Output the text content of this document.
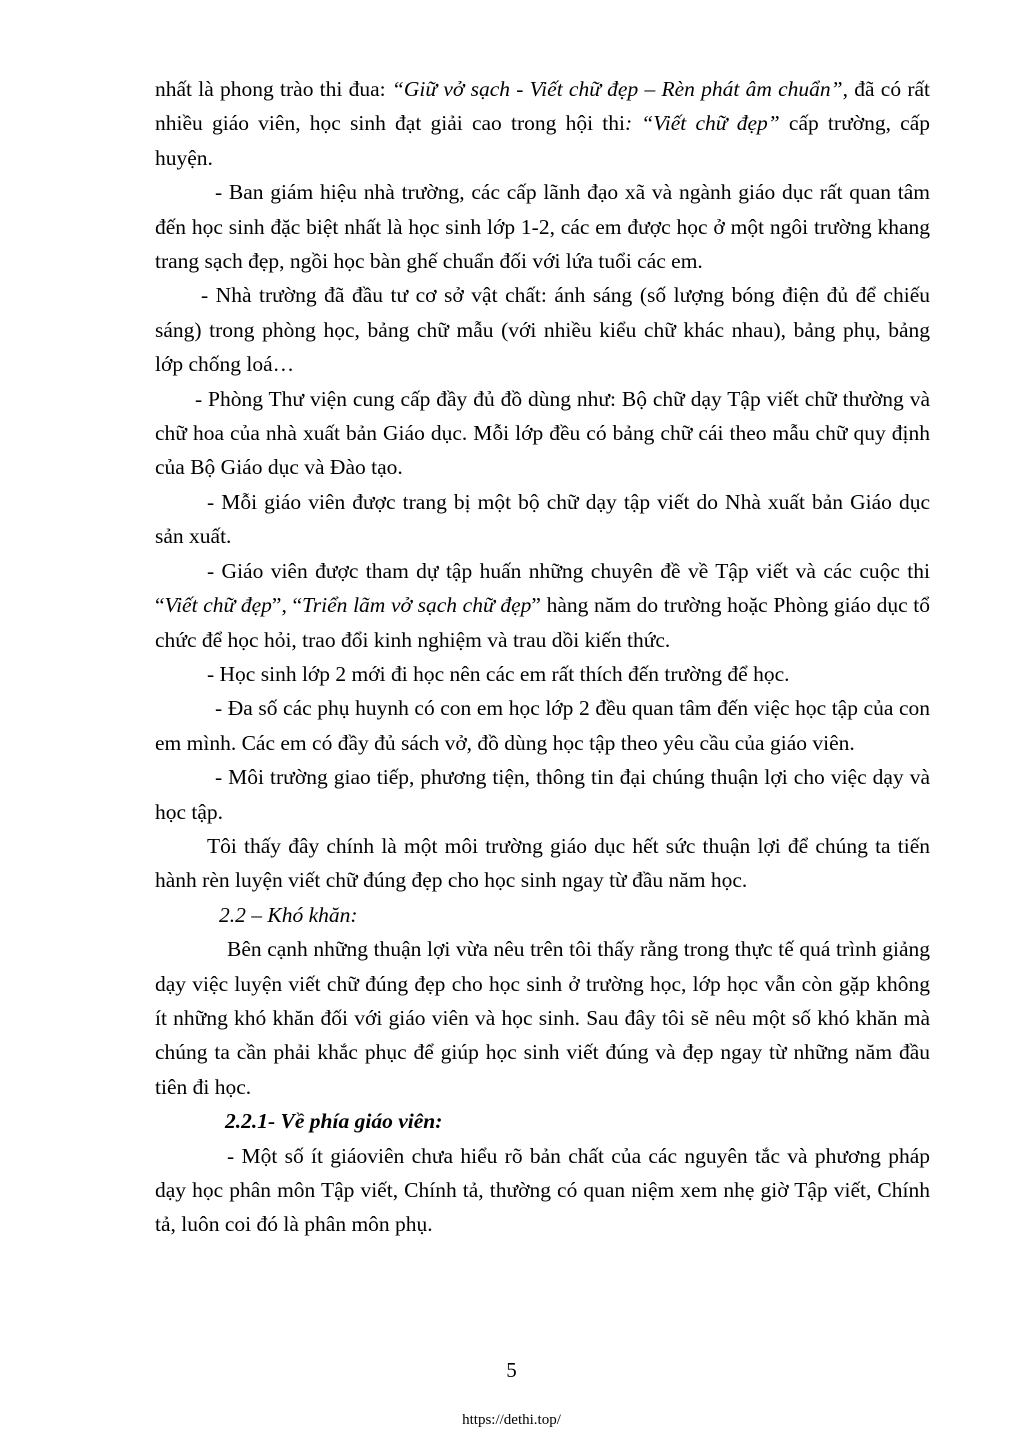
nhất là phong trào thi đua: “Giữ vở sạch - Viết chữ đẹp – Rèn phát âm chuẩn”, đã có rất nhiều giáo viên, học sinh đạt giải cao trong hội thi: “Viết chữ đẹp” cấp trường, cấp huyện.

- Ban giám hiệu nhà trường, các cấp lãnh đạo xã và ngành giáo dục rất quan tâm đến học sinh đặc biệt nhất là học sinh lớp 1-2, các em được học ở một ngôi trường khang trang sạch đẹp, ngồi học bàn ghế chuẩn đối với lứa tuổi các em.

- Nhà trường đã đầu tư cơ sở vật chất: ánh sáng (số lượng bóng điện đủ để chiếu sáng) trong phòng học, bảng chữ mẫu (với nhiều kiểu chữ khác nhau), bảng phụ, bảng lớp chống loá…

- Phòng Thư viện cung cấp đầy đủ đồ dùng như: Bộ chữ dạy Tập viết chữ thường và chữ hoa của nhà xuất bản Giáo dục. Mỗi lớp đều có bảng chữ cái theo mẫu chữ quy định của Bộ Giáo dục và Đào tạo.

- Mỗi giáo viên được trang bị một bộ chữ dạy tập viết do Nhà xuất bản Giáo dục sản xuất.

- Giáo viên được tham dự tập huấn những chuyên đề về Tập viết và các cuộc thi “Viết chữ đẹp”, “Triển lãm vở sạch chữ đẹp” hàng năm do trường hoặc Phòng giáo dục tổ chức để học hỏi, trao đổi kinh nghiệm và trau dồi kiến thức.

- Học sinh lớp 2 mới đi học nên các em rất thích đến trường để học.

- Đa số các phụ huynh có con em học lớp 2 đều quan tâm đến việc học tập của con em mình. Các em có đầy đủ sách vở, đồ dùng học tập theo yêu cầu của giáo viên.

- Môi trường giao tiếp, phương tiện, thông tin đại chúng thuận lợi cho việc dạy và học tập.

Tôi thấy đây chính là một môi trường giáo dục hết sức thuận lợi để chúng ta tiến hành rèn luyện viết chữ đúng đẹp cho học sinh ngay từ đầu năm học.

2.2 – Khó khăn:

Bên cạnh những thuận lợi vừa nêu trên tôi thấy rằng trong thực tế quá trình giảng dạy việc luyện viết chữ đúng đẹp cho học sinh ở trường học, lớp học vẫn còn gặp không ít những khó khăn đối với giáo viên và học sinh. Sau đây tôi sẽ nêu một số khó khăn mà chúng ta cần phải khắc phục để giúp học sinh viết đúng và đẹp ngay từ những năm đầu tiên đi học.

2.2.1- Về phía giáo viên:

- Một số ít giáoviên chưa hiểu rõ bản chất của các nguyên tắc và phương pháp dạy học phân môn Tập viết, Chính tả, thường có quan niệm xem nhẹ giờ Tập viết, Chính tả, luôn coi đó là phân môn phụ.

5
https://dethi.top/
